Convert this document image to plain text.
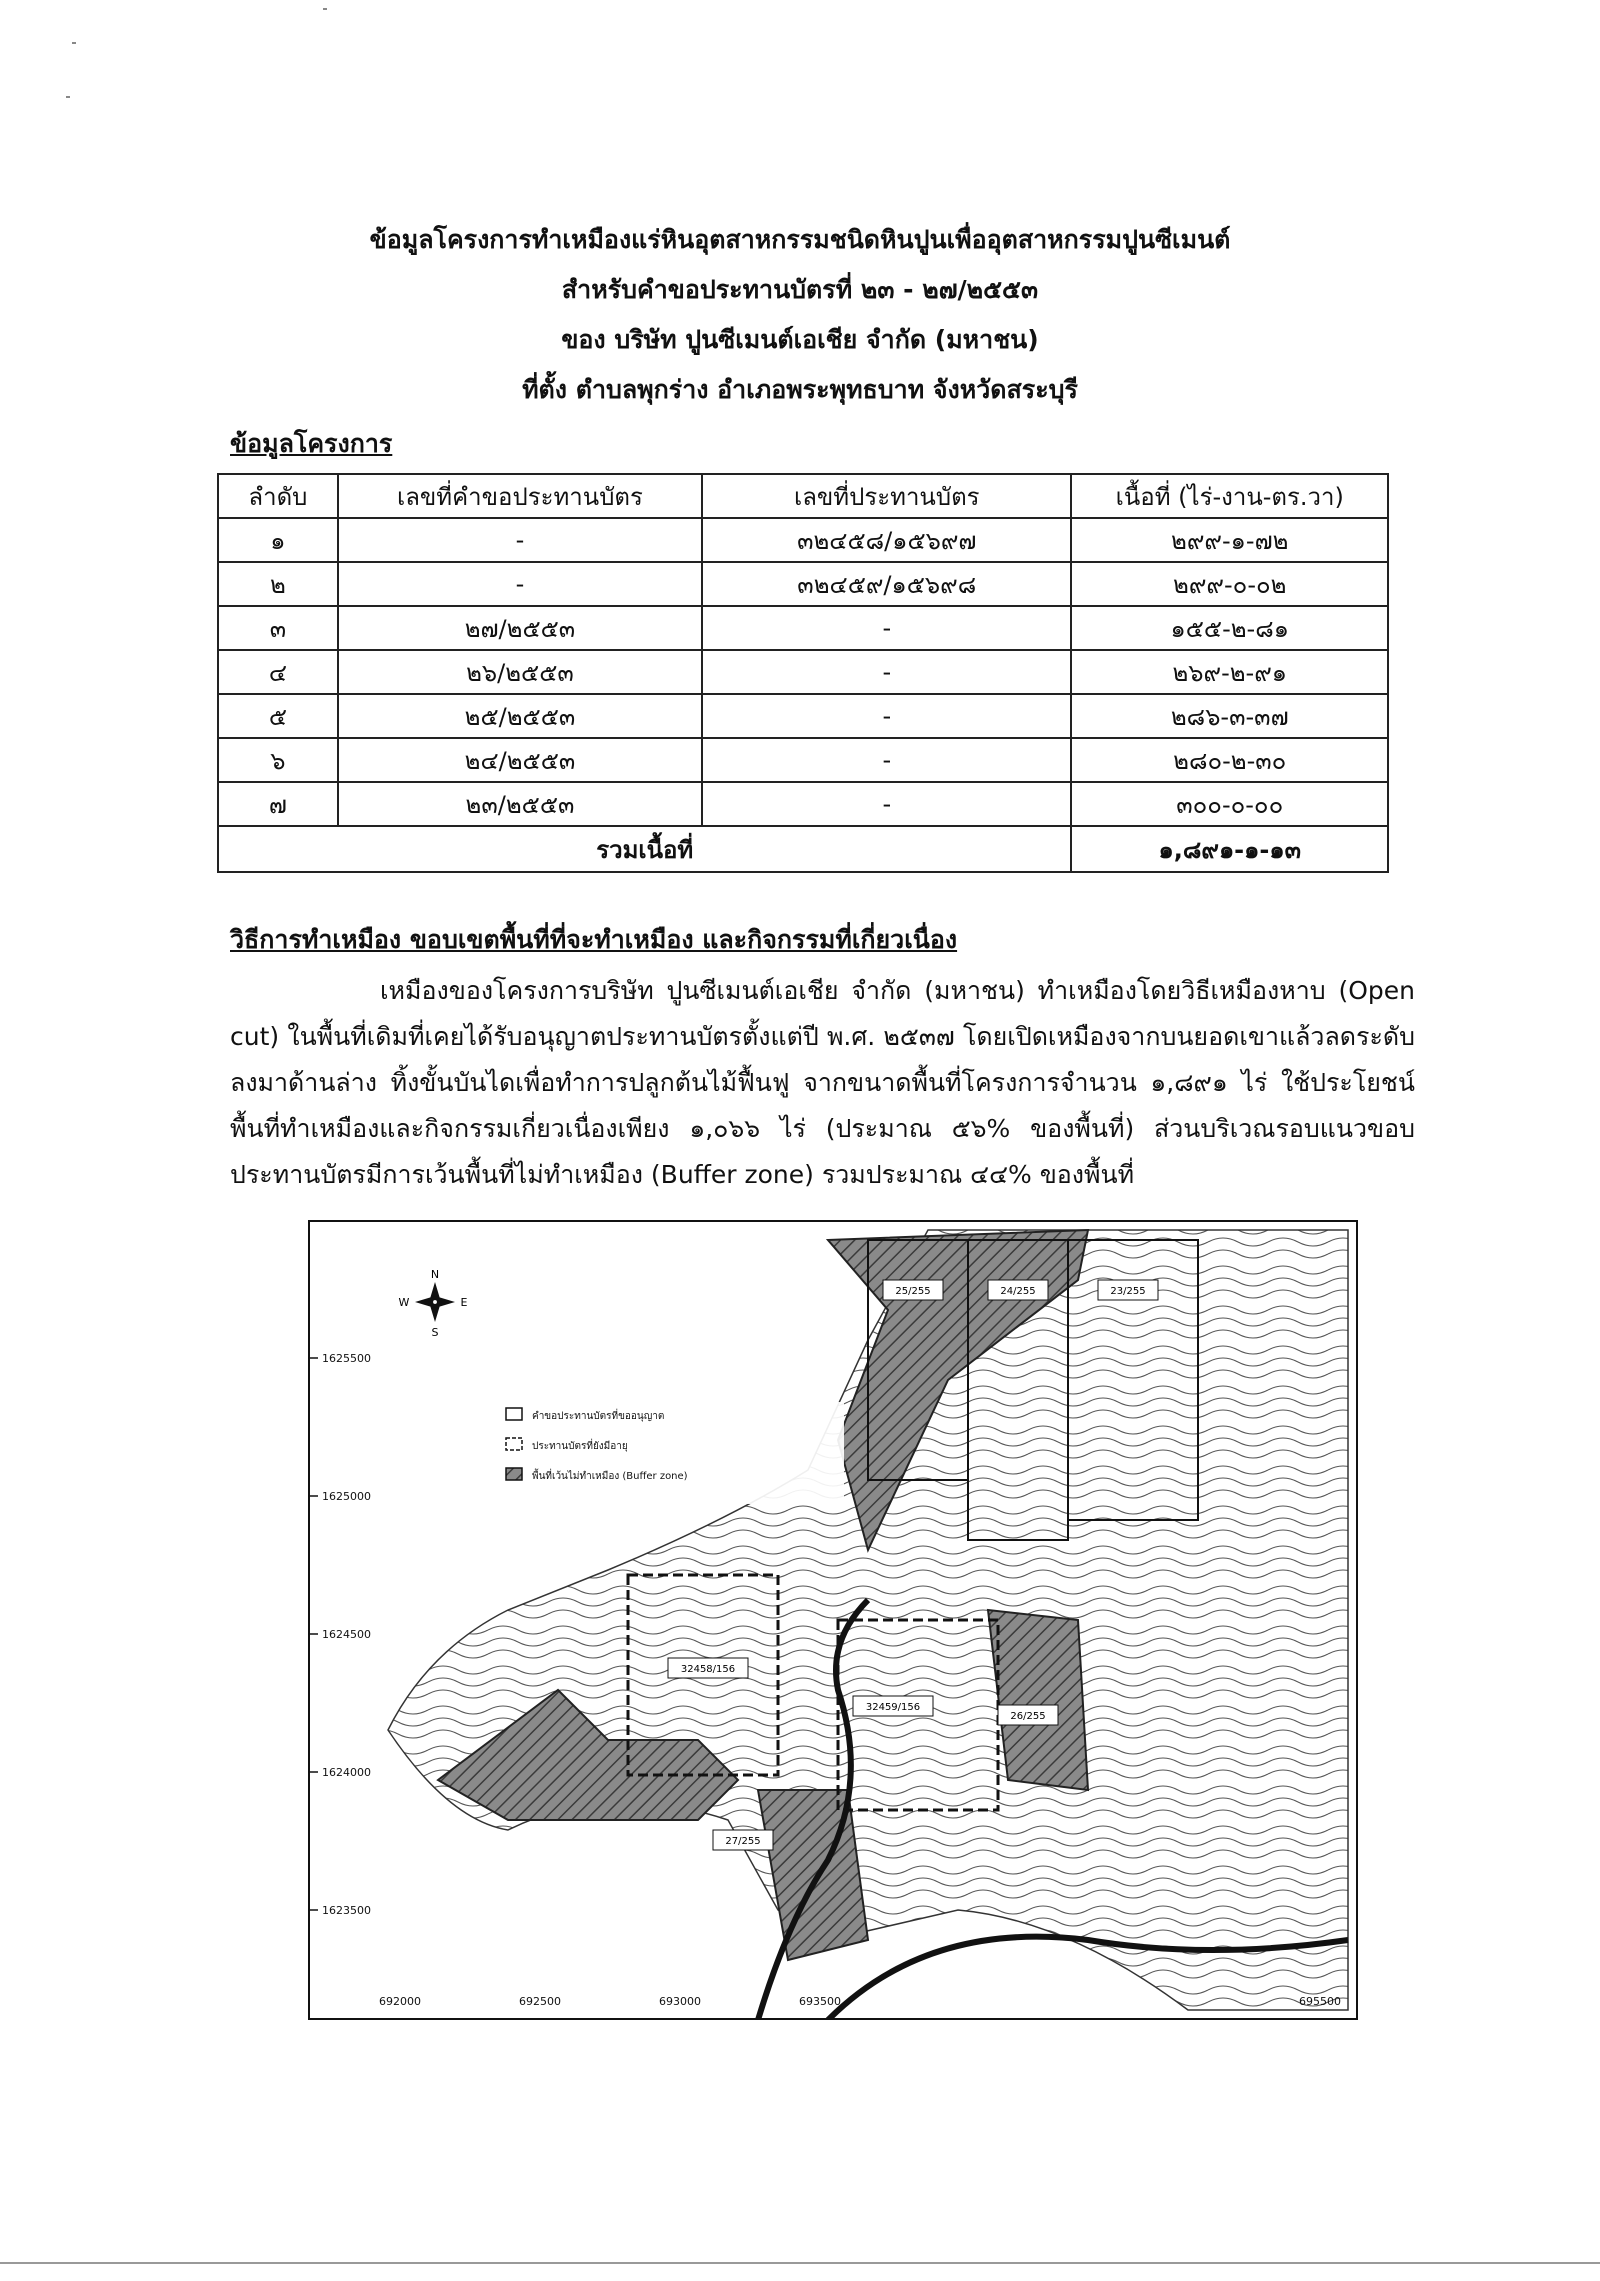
ข้อมูลโครงการทำเหมืองแร่หินอุตสาหกรรมชนิดหินปูนเพื่ออุตสาหกรรมปูนซีเมนต์
สำหรับคำขอประทานบัตรที่ ๒๓ - ๒๗/๒๕๕๓
ของ บริษัท ปูนซีเมนต์เอเชีย จำกัด (มหาชน)
ที่ตั้ง ตำบลพุกร่าง อำเภอพระพุทธบาท จังหวัดสระบุรี
ข้อมูลโครงการ
ลำดับ	เลขที่คำขอประทานบัตร	เลขที่ประทานบัตร	เนื้อที่ (ไร่-งาน-ตร.วา)
๑	-	๓๒๔๕๘/๑๕๖๙๗	๒๙๙-๑-๗๒
๒	-	๓๒๔๕๙/๑๕๖๙๘	๒๙๙-๐-๐๒
๓	๒๗/๒๕๕๓	-	๑๕๕-๒-๘๑
๔	๒๖/๒๕๕๓	-	๒๖๙-๒-๙๑
๕	๒๕/๒๕๕๓	-	๒๘๖-๓-๓๗
๖	๒๔/๒๕๕๓	-	๒๘๐-๒-๓๐
๗	๒๓/๒๕๕๓	-	๓๐๐-๐-๐๐
รวมเนื้อที่			๑,๘๙๑-๑-๑๓
วิธีการทำเหมือง ขอบเขตพื้นที่ที่จะทำเหมือง และกิจกรรมที่เกี่ยวเนื่อง

เหมืองของโครงการบริษัท ปูนซีเมนต์เอเชีย จำกัด (มหาชน) ทำเหมืองโดยวิธีเหมืองหาบ (Open cut) ในพื้นที่เดิมที่เคยได้รับอนุญาตประทานบัตรตั้งแต่ปี พ.ศ. ๒๕๓๗ โดยเปิดเหมืองจากบนยอดเขาแล้วลดระดับลงมาด้านล่าง ทิ้งขั้นบันไดเพื่อทำการปลูกต้นไม้ฟื้นฟู จากขนาดพื้นที่โครงการจำนวน ๑,๘๙๑ ไร่ ใช้ประโยชน์พื้นที่ทำเหมืองและกิจกรรมเกี่ยวเนื่องเพียง ๑,๐๖๖ ไร่ (ประมาณ ๕๖% ของพื้นที่) ส่วนบริเวณรอบแนวขอบประทานบัตรมีการเว้นพื้นที่ไม่ทำเหมือง (Buffer zone) รวมประมาณ ๔๔% ของพื้นที่

1625500
1625000
1624500
1624000
1623500
692000	692500	693000	693500	695500
N
S
W	E
คำขอประทานบัตรที่ขออนุญาต
ประทานบัตรที่ยังมีอายุ
พื้นที่เว้นไม่ทำเหมือง (Buffer zone)
25/255	24/255	23/255
32458/156
32459/156
26/255
27/255
